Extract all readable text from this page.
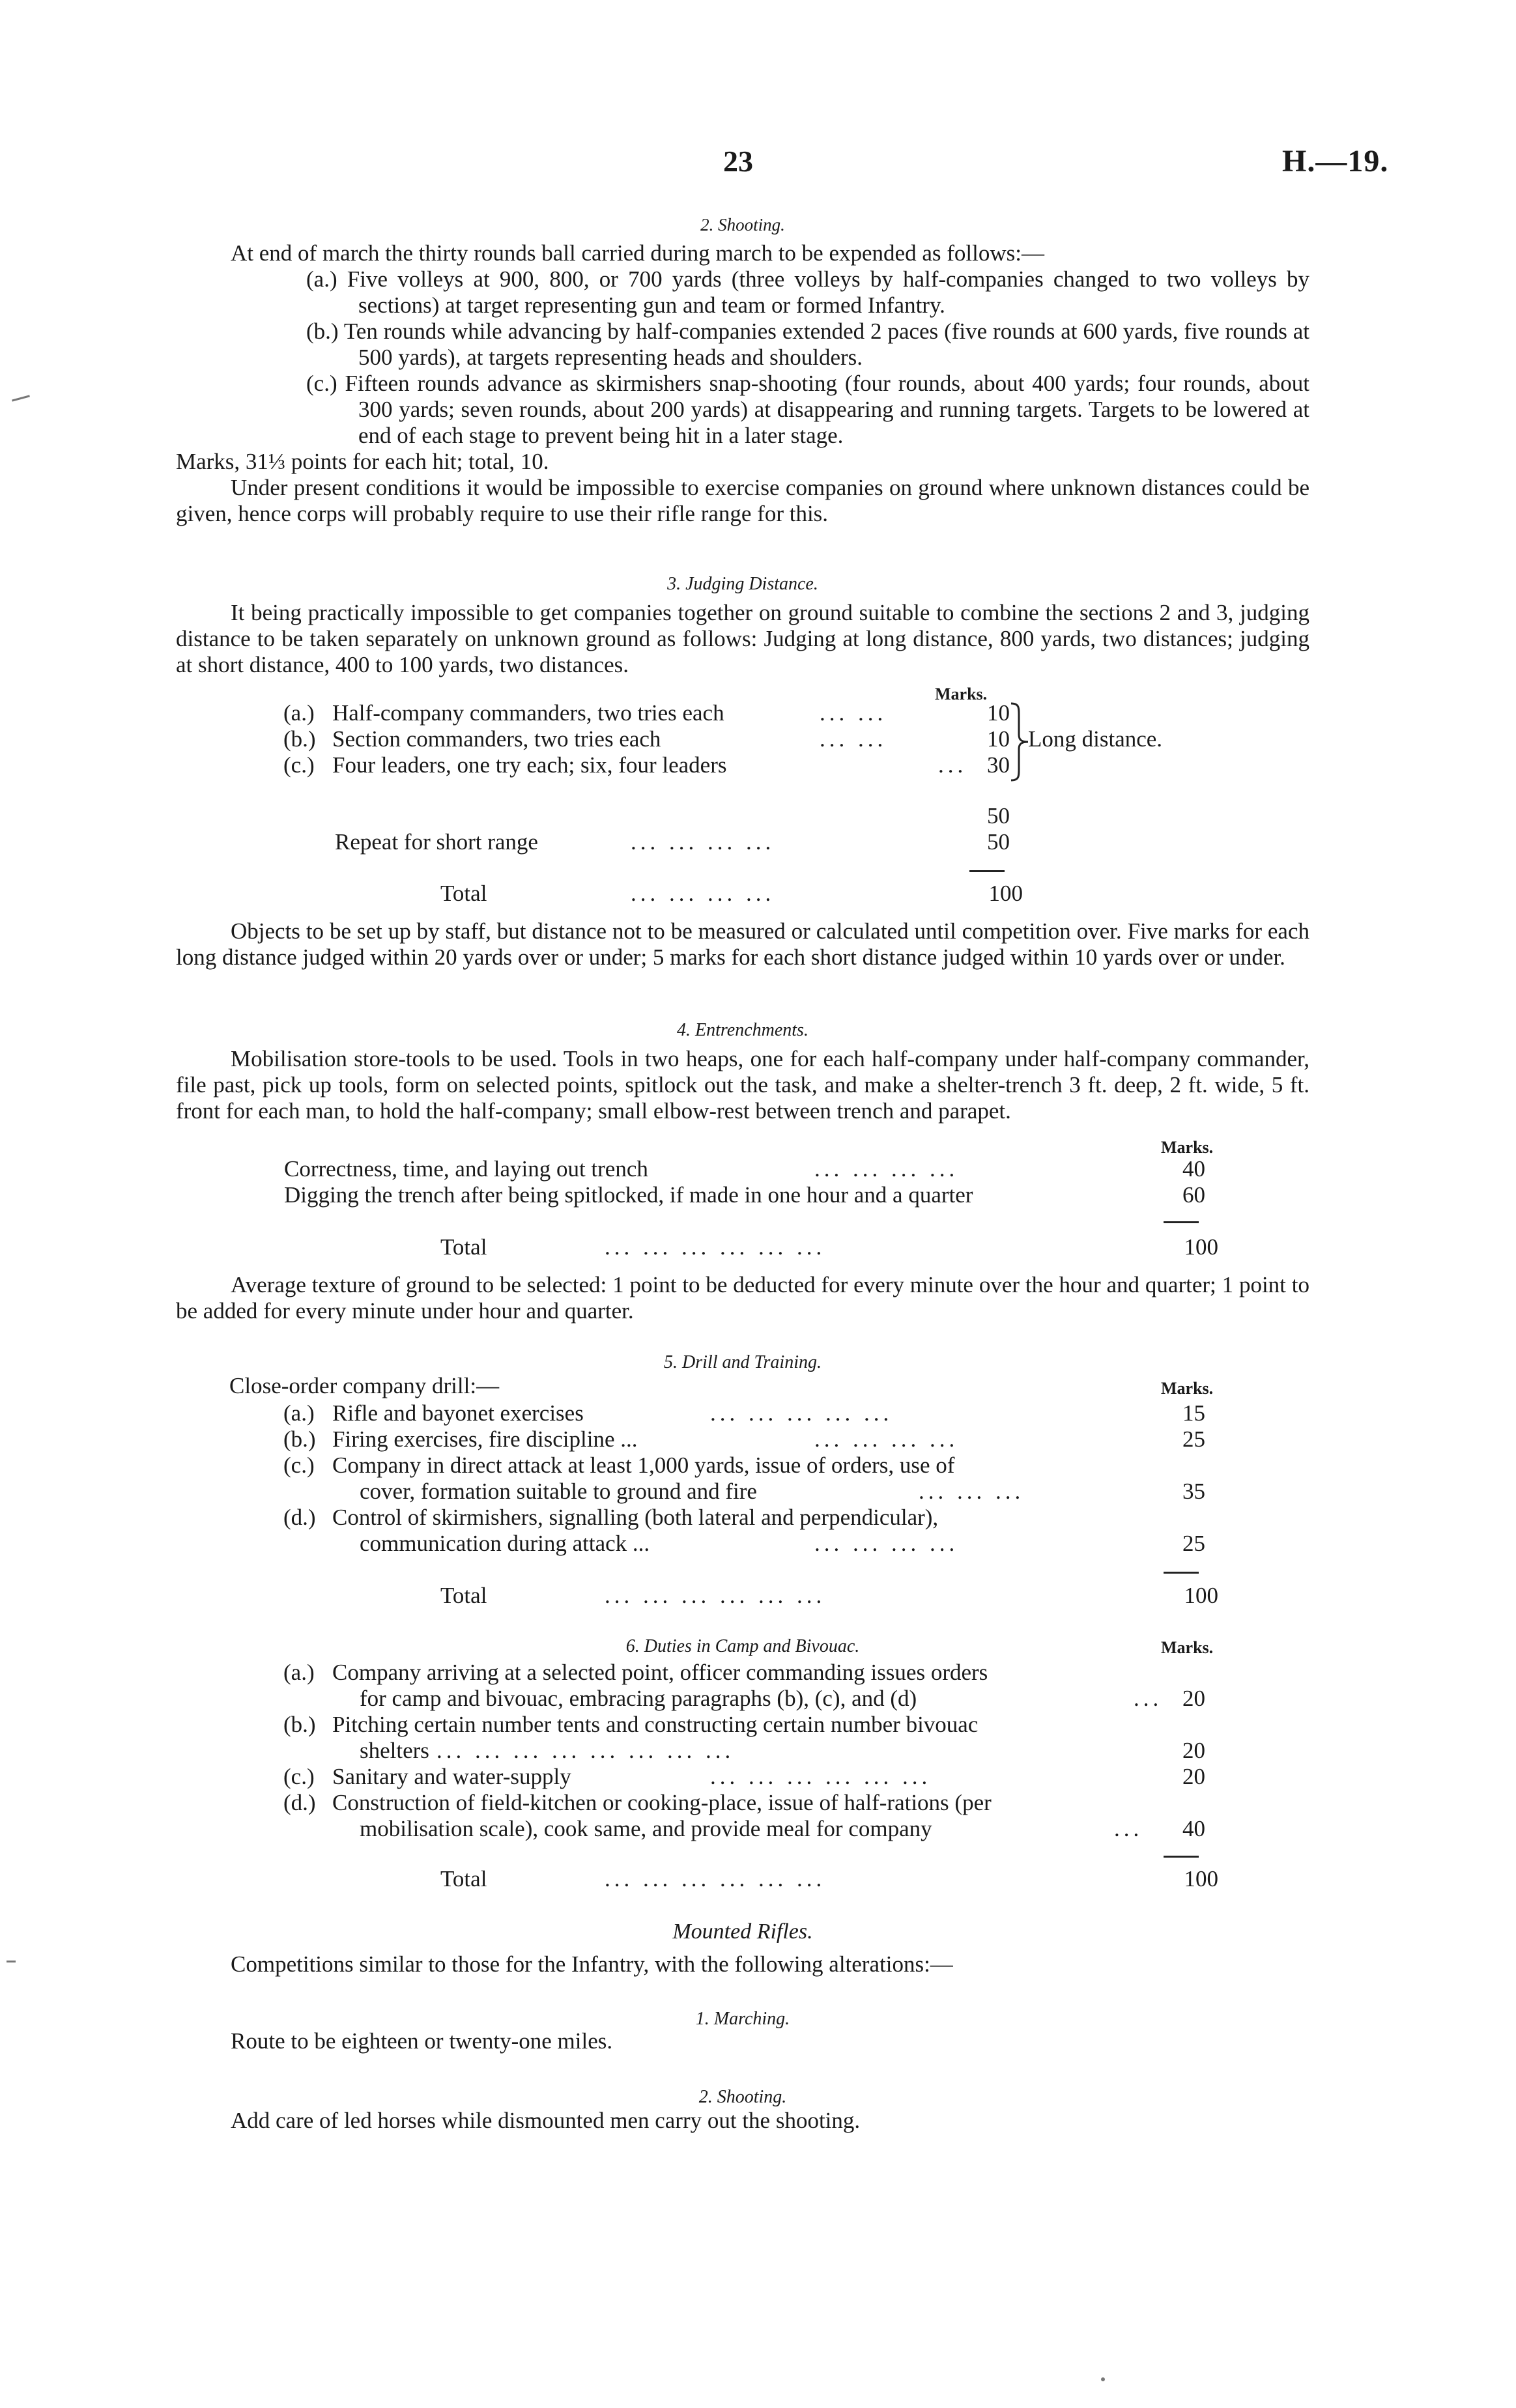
23	H.—19.

2. Shooting.

At end of march the thirty rounds ball carried during march to be expended as follows:—

(a.) Five volleys at 900, 800, or 700 yards (three volleys by half-companies changed to two volleys by sections) at target representing gun and team or formed Infantry.

(b.) Ten rounds while advancing by half-companies extended 2 paces (five rounds at 600 yards, five rounds at 500 yards), at targets representing heads and shoulders.

(c.) Fifteen rounds advance as skirmishers snap-shooting (four rounds, about 400 yards; four rounds, about 300 yards; seven rounds, about 200 yards) at disappearing and running targets. Targets to be lowered at end of each stage to prevent being hit in a later stage.

Marks, 31⅓ points for each hit; total, 10.

Under present conditions it would be impossible to exercise companies on ground where unknown distances could be given, hence corps will probably require to use their rifle range for this.

3. Judging Distance.

It being practically impossible to get companies together on ground suitable to combine the sections 2 and 3, judging distance to be taken separately on unknown ground as follows: Judging at long distance, 800 yards, two distances; judging at short distance, 400 to 100 yards, two distances.

Marks.
(a.) Half-company commanders, two tries each	... ...	10
(b.) Section commanders, two tries each	... ...	10
(c.) Four leaders, one try each; six, four leaders	... 30
Long distance.
50
Repeat for short range	... ... ... ...	50
Total	... ... ... ...	100

Objects to be set up by staff, but distance not to be measured or calculated until competition over. Five marks for each long distance judged within 20 yards over or under; 5 marks for each short distance judged within 10 yards over or under.

4. Entrenchments.

Mobilisation store-tools to be used. Tools in two heaps, one for each half-company under half-company commander, file past, pick up tools, form on selected points, spitlock out the task, and make a shelter-trench 3 ft. deep, 2 ft. wide, 5 ft. front for each man, to hold the half-company; small elbow-rest between trench and parapet.

Marks.
Correctness, time, and laying out trench	... ... ... ...	40
Digging the trench after being spitlocked, if made in one hour and a quarter	60
Total	... ... ... ... ... ...	100

Average texture of ground to be selected: 1 point to be deducted for every minute over the hour and quarter; 1 point to be added for every minute under hour and quarter.

5. Drill and Training.

Close-order company drill:—	Marks.
(a.) Rifle and bayonet exercises	... ... ... ... ...	15
(b.) Firing exercises, fire discipline ...	... ... ... ...	25
(c.) Company in direct attack at least 1,000 yards, issue of orders, use of
cover, formation suitable to ground and fire	... ... ...	35
(d.) Control of skirmishers, signalling (both lateral and perpendicular),
communication during attack ...	... ... ... ...	25
Total	... ... ... ... ... ...	100

6. Duties in Camp and Bivouac.	Marks.
(a.) Company arriving at a selected point, officer commanding issues orders
for camp and bivouac, embracing paragraphs (b), (c), and (d)	... 20
(b.) Pitching certain number tents and constructing certain number bivouac
shelters ... ... ... ... ... ... ... ...	20
(c.) Sanitary and water-supply	... ... ... ... ... ...	20
(d.) Construction of field-kitchen or cooking-place, issue of half-rations (per
mobilisation scale), cook same, and provide meal for company	...	40
Total	... ... ... ... ... ...	100

Mounted Rifles.

Competitions similar to those for the Infantry, with the following alterations:—

1. Marching.

Route to be eighteen or twenty-one miles.

2. Shooting.

Add care of led horses while dismounted men carry out the shooting.
